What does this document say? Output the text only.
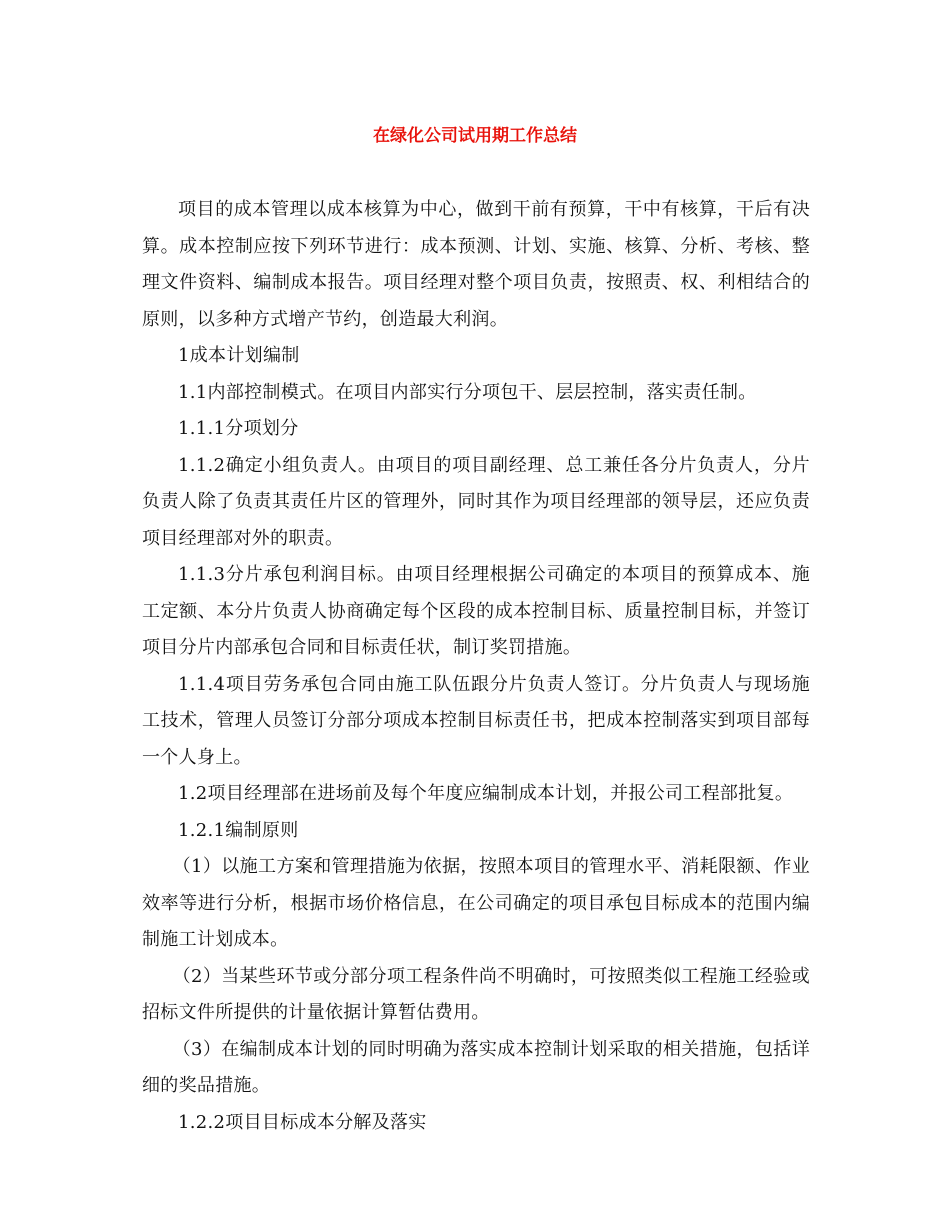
在绿化公司试用期工作总结

项目的成本管理以成本核算为中心，做到干前有预算，干中有核算，干后有决算。成本控制应按下列环节进行：成本预测、计划、实施、核算、分析、考核、整理文件资料、编制成本报告。项目经理对整个项目负责，按照责、权、利相结合的原则，以多种方式增产节约，创造最大利润。

1成本计划编制

1.1内部控制模式。在项目内部实行分项包干、层层控制，落实责任制。

1.1.1分项划分

1.1.2确定小组负责人。由项目的项目副经理、总工兼任各分片负责人，分片负责人除了负责其责任片区的管理外，同时其作为项目经理部的领导层，还应负责项目经理部对外的职责。

1.1.3分片承包利润目标。由项目经理根据公司确定的本项目的预算成本、施工定额、本分片负责人协商确定每个区段的成本控制目标、质量控制目标，并签订项目分片内部承包合同和目标责任状，制订奖罚措施。

1.1.4项目劳务承包合同由施工队伍跟分片负责人签订。分片负责人与现场施工技术，管理人员签订分部分项成本控制目标责任书，把成本控制落实到项目部每一个人身上。

1.2项目经理部在进场前及每个年度应编制成本计划，并报公司工程部批复。

1.2.1编制原则

（1）以施工方案和管理措施为依据，按照本项目的管理水平、消耗限额、作业效率等进行分析，根据市场价格信息，在公司确定的项目承包目标成本的范围内编制施工计划成本。

（2）当某些环节或分部分项工程条件尚不明确时，可按照类似工程施工经验或招标文件所提供的计量依据计算暂估费用。

（3）在编制成本计划的同时明确为落实成本控制计划采取的相关措施，包括详细的奖品措施。

1.2.2项目目标成本分解及落实
